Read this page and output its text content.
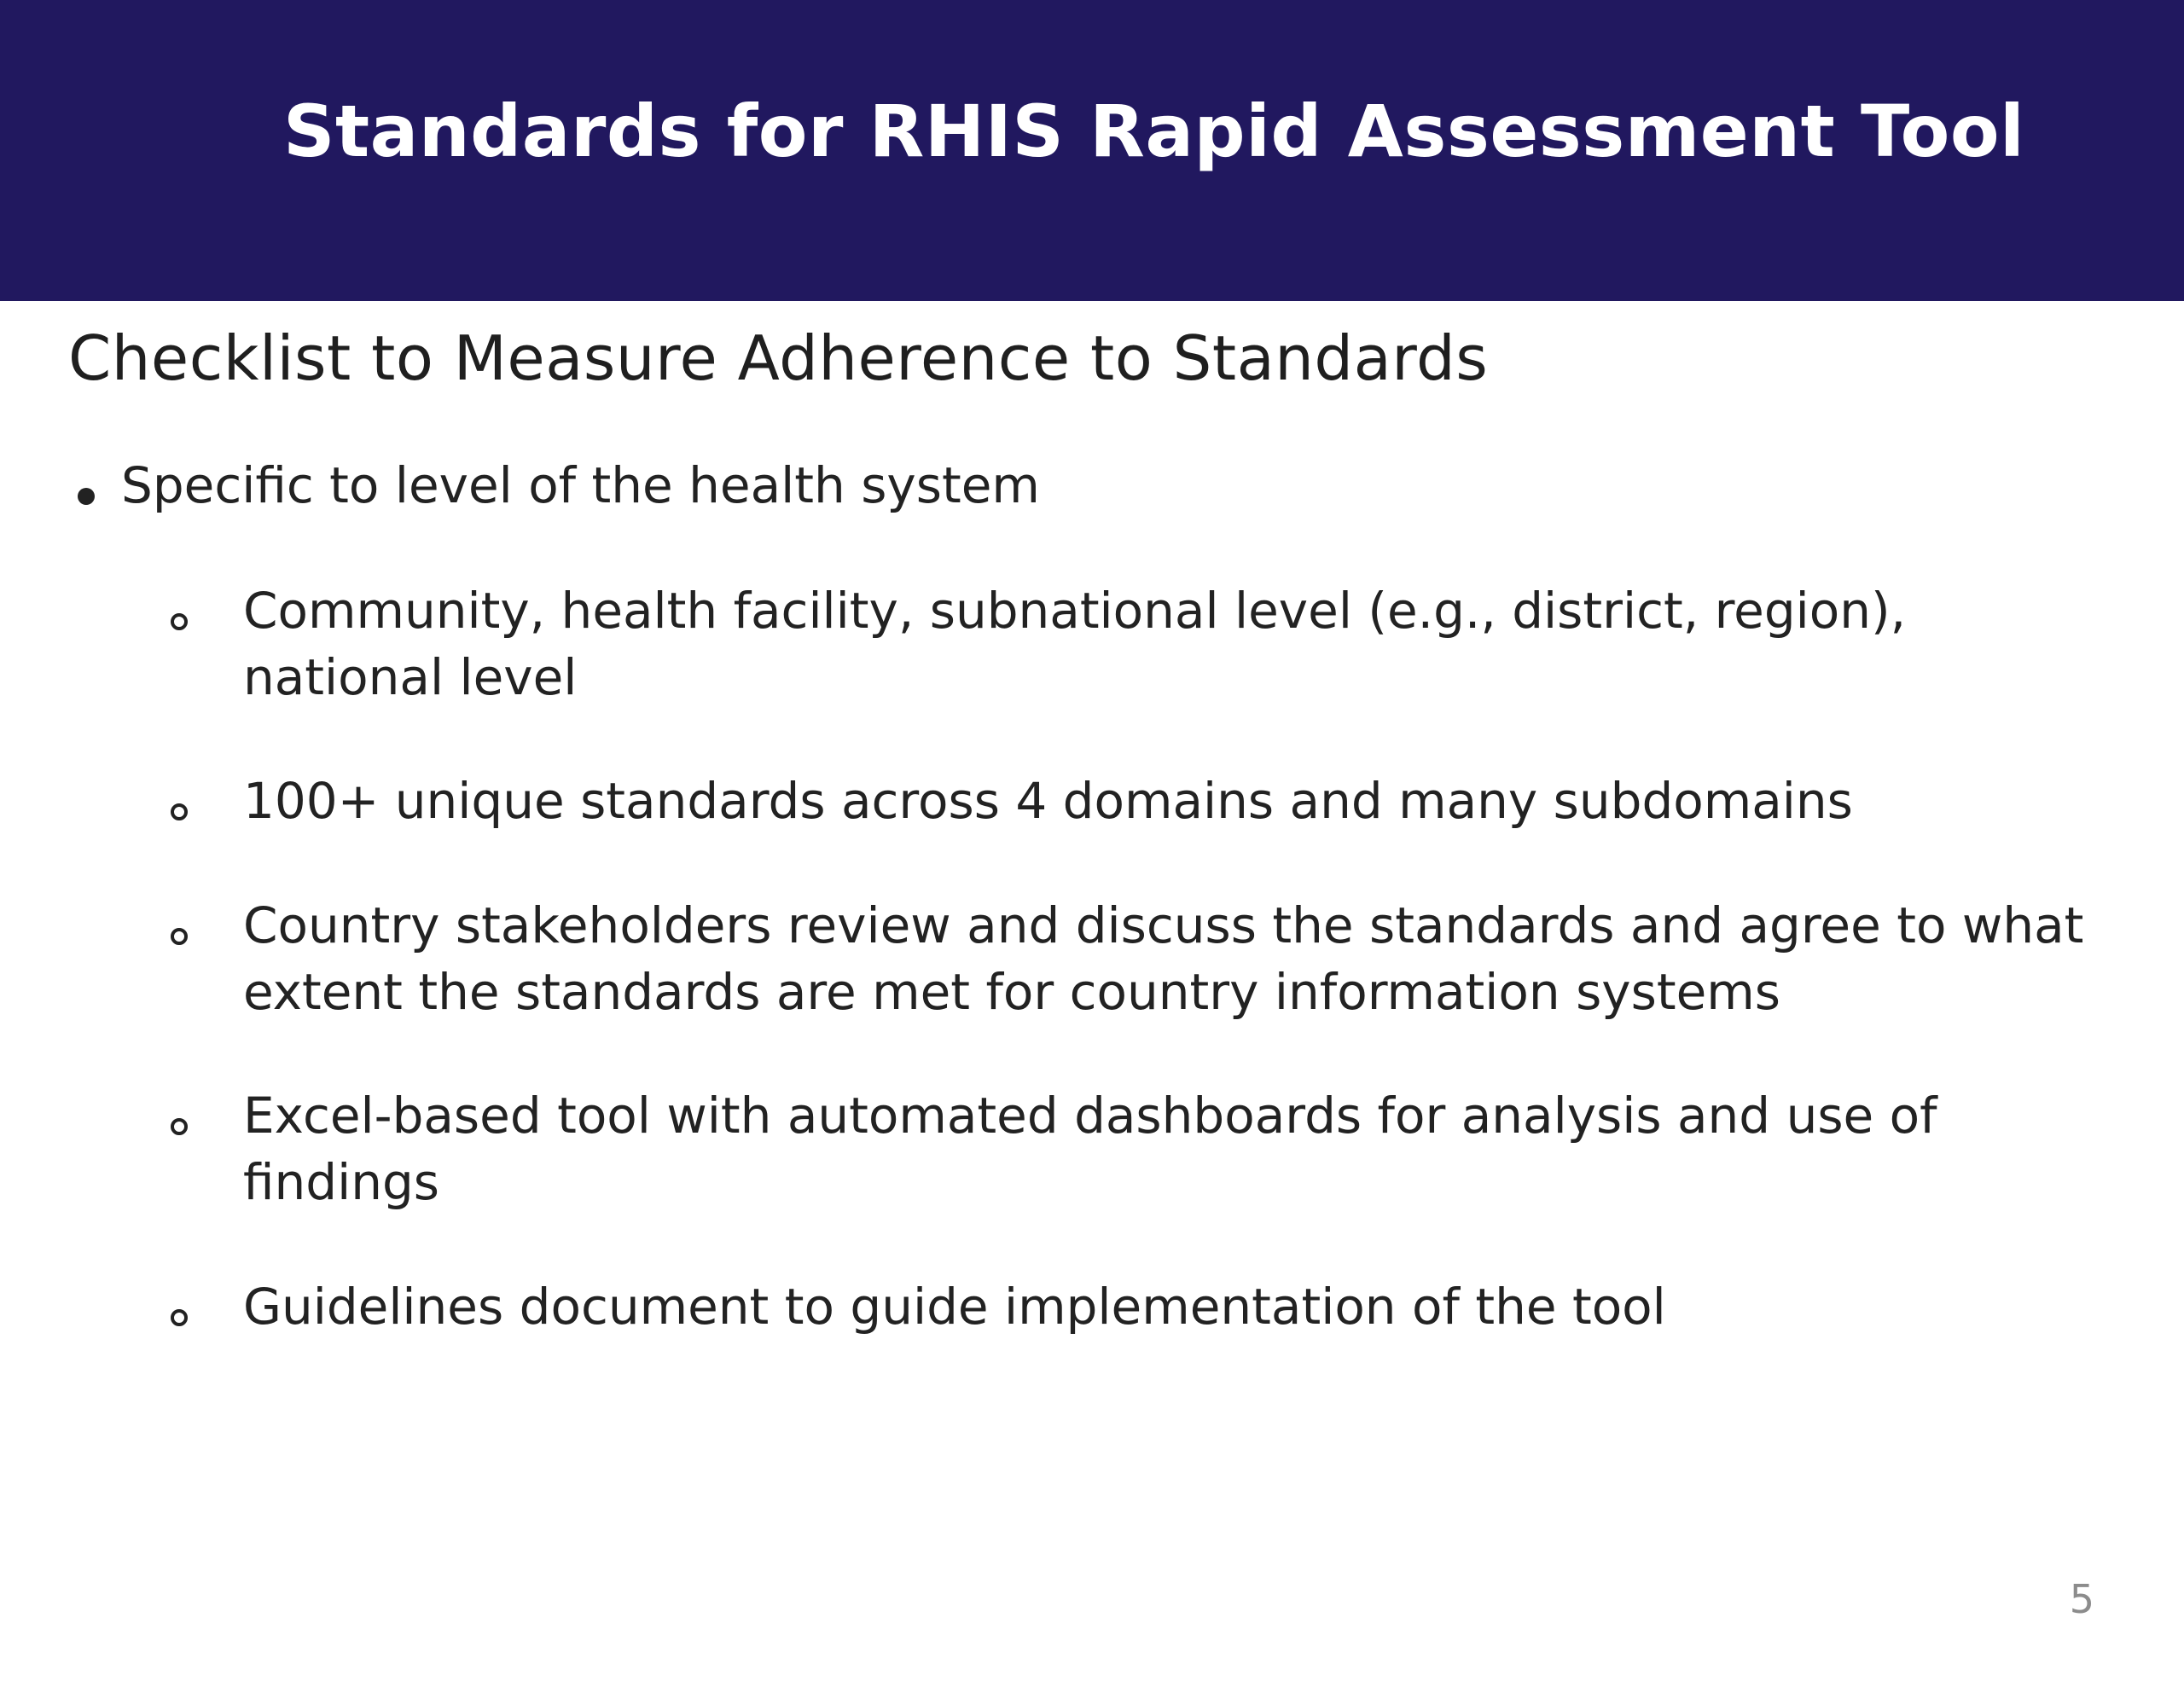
Standards for RHIS Rapid Assessment Tool
Checklist to Measure Adherence to Standards
Specific to level of the health system
Community, health facility, subnational level (e.g., district, region), national level
100+ unique standards across 4 domains and many subdomains
Country stakeholders review and discuss the standards and agree to what extent the standards are met for country information systems
Excel-based tool with automated dashboards for analysis and use of findings
Guidelines document to guide implementation of the tool
5
